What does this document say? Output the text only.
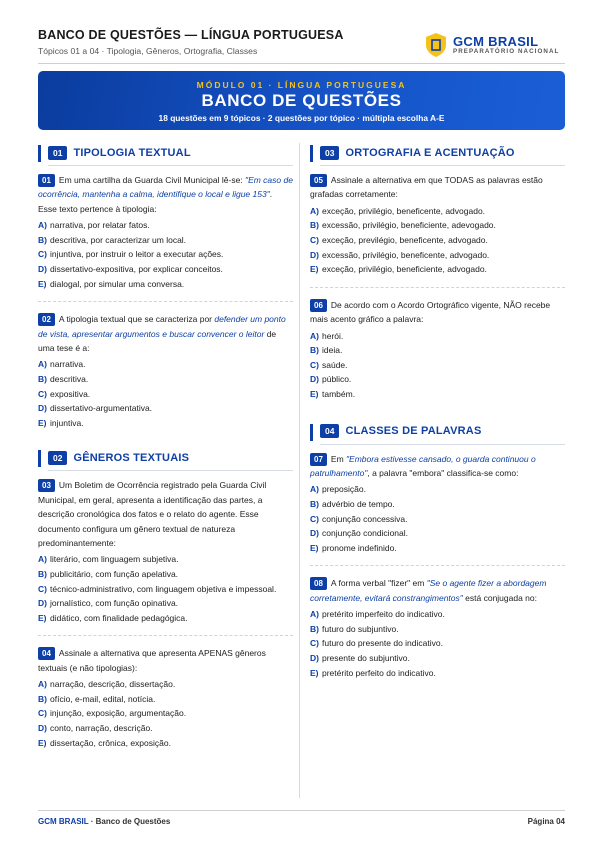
BANCO DE QUESTÕES — LÍNGUA PORTUGUESA
Tópicos 01 a 04 · Tipologia, Gêneros, Ortografia, Classes
GCM BRASIL
PREPARATÓRIO NACIONAL
MÓDULO 01 · LÍNGUA PORTUGUESA
BANCO DE QUESTÕES
18 questões em 9 tópicos · 2 questões por tópico · múltipla escolha A-E
01 TIPOLOGIA TEXTUAL
01 Em uma cartilha da Guarda Civil Municipal lê-se: "Em caso de ocorrência, mantenha a calma, identifique o local e ligue 153". Esse texto pertence à tipologia:
A) narrativa, por relatar fatos.
B) descritiva, por caracterizar um local.
C) injuntiva, por instruir o leitor a executar ações.
D) dissertativo-expositiva, por explicar conceitos.
E) dialogal, por simular uma conversa.
02 A tipologia textual que se caracteriza por defender um ponto de vista, apresentar argumentos e buscar convencer o leitor de uma tese é a:
A) narrativa.
B) descritiva.
C) expositiva.
D) dissertativo-argumentativa.
E) injuntiva.
02 GÊNEROS TEXTUAIS
03 Um Boletim de Ocorrência registrado pela Guarda Civil Municipal, em geral, apresenta a identificação das partes, a descrição cronológica dos fatos e o relato do agente. Esse documento configura um gênero textual de natureza predominantemente:
A) literário, com linguagem subjetiva.
B) publicitário, com função apelativa.
C) técnico-administrativo, com linguagem objetiva e impessoal.
D) jornalístico, com função opinativa.
E) didático, com finalidade pedagógica.
04 Assinale a alternativa que apresenta APENAS gêneros textuais (e não tipologias):
A) narração, descrição, dissertação.
B) ofício, e-mail, edital, notícia.
C) injunção, exposição, argumentação.
D) conto, narração, descrição.
E) dissertação, crônica, exposição.
03 ORTOGRAFIA E ACENTUAÇÃO
05 Assinale a alternativa em que TODAS as palavras estão grafadas corretamente:
A) exceção, privilégio, beneficente, advogado.
B) excessão, privilégio, beneficiente, adevogado.
C) exceção, previlégio, beneficente, advogado.
D) excessão, privilégio, beneficente, advogado.
E) exceção, privilégio, beneficiente, advogado.
06 De acordo com o Acordo Ortográfico vigente, NÃO recebe mais acento gráfico a palavra:
A) herói.
B) ideia.
C) saúde.
D) público.
E) também.
04 CLASSES DE PALAVRAS
07 Em "Embora estivesse cansado, o guarda continuou o patrulhamento", a palavra "embora" classifica-se como:
A) preposição.
B) advérbio de tempo.
C) conjunção concessiva.
D) conjunção condicional.
E) pronome indefinido.
08 A forma verbal "fizer" em "Se o agente fizer a abordagem corretamente, evitará constrangimentos" está conjugada no:
A) pretérito imperfeito do indicativo.
B) futuro do subjuntivo.
C) futuro do presente do indicativo.
D) presente do subjuntivo.
E) pretérito perfeito do indicativo.
GCM BRASIL · Banco de Questões	Página 04
